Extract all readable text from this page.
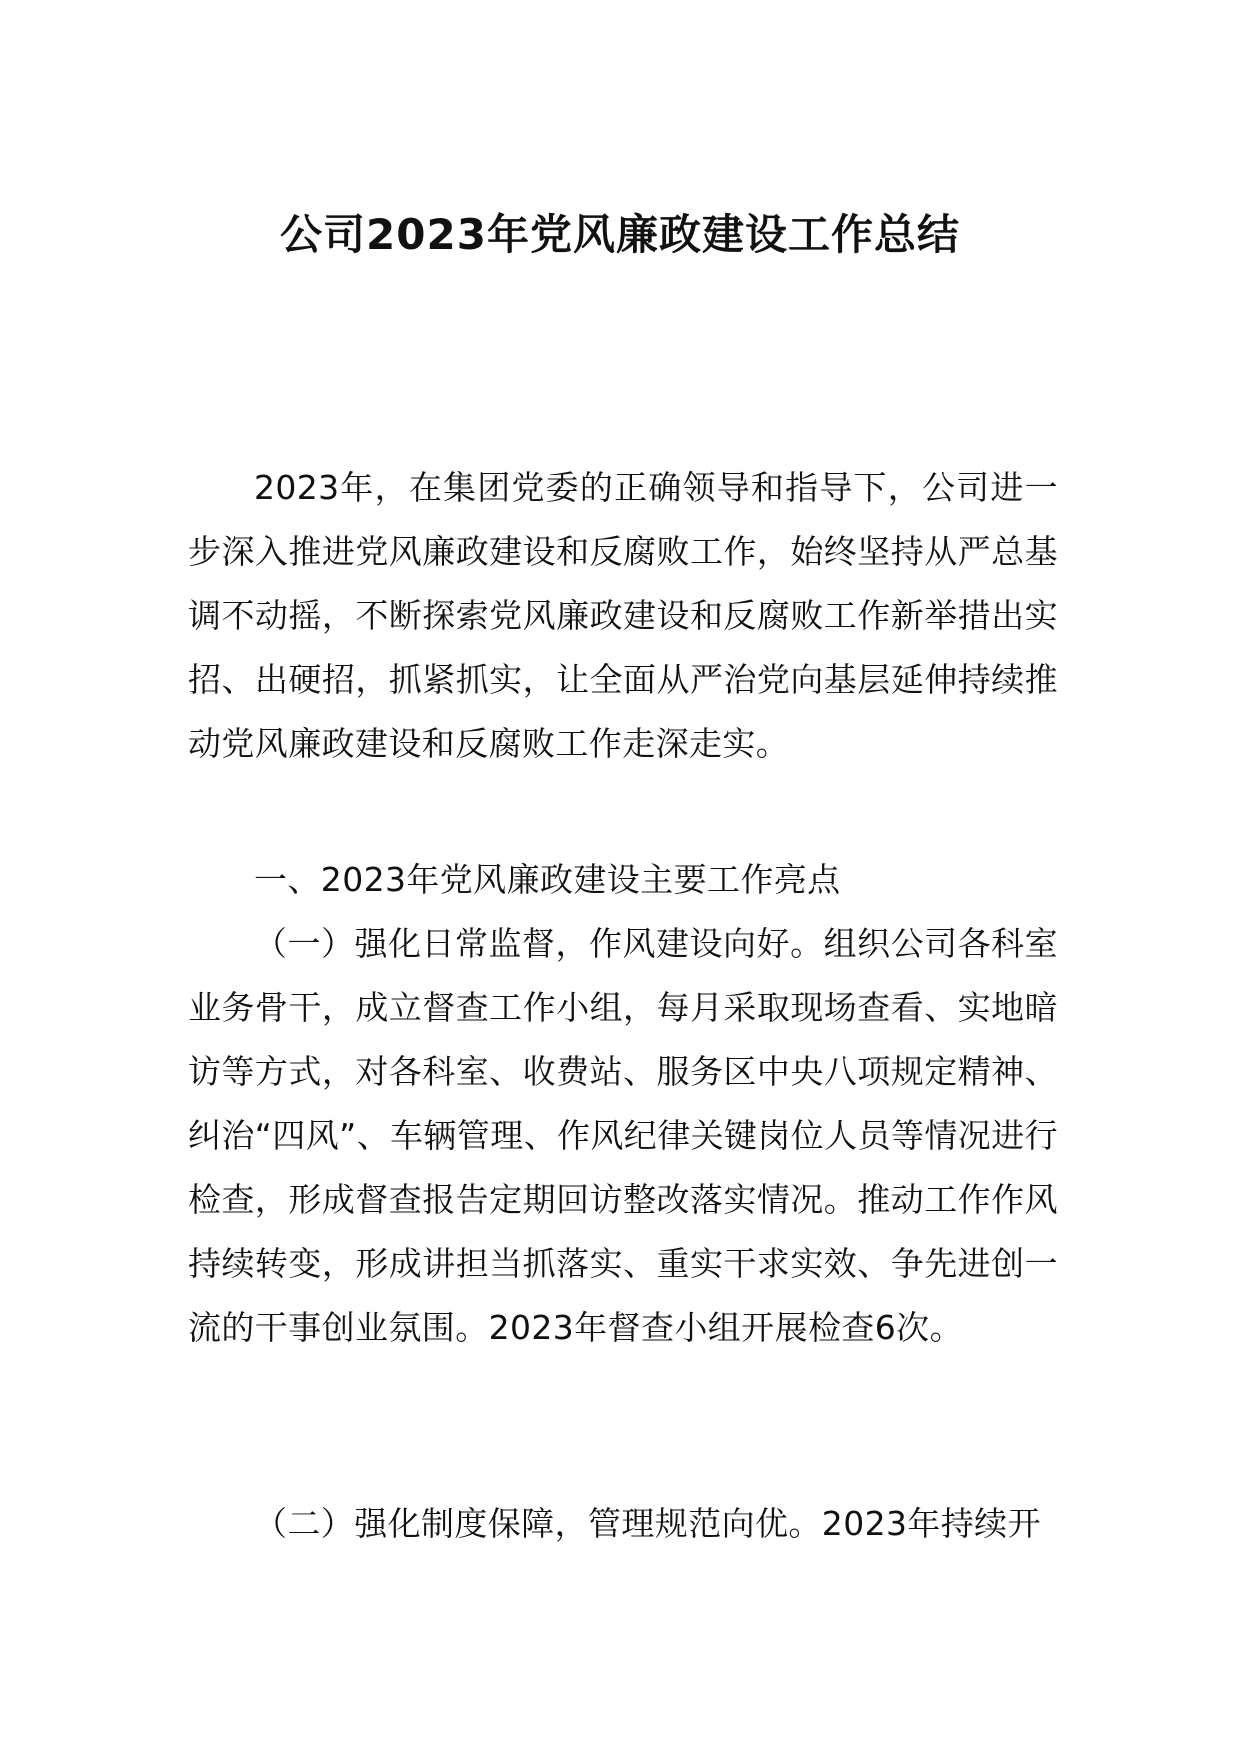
公司2023年党风廉政建设工作总结

2023年，在集团党委的正确领导和指导下，公司进一步深入推进党风廉政建设和反腐败工作，始终坚持从严总基调不动摇，不断探索党风廉政建设和反腐败工作新举措出实招、出硬招，抓紧抓实，让全面从严治党向基层延伸持续推动党风廉政建设和反腐败工作走深走实。

一、2023年党风廉政建设主要工作亮点

（一）强化日常监督，作风建设向好。组织公司各科室业务骨干，成立督查工作小组，每月采取现场查看、实地暗访等方式，对各科室、收费站、服务区中央八项规定精神、纠治“四风”、车辆管理、作风纪律关键岗位人员等情况进行检查，形成督查报告定期回访整改落实情况。推动工作作风持续转变，形成讲担当抓落实、重实干求实效、争先进创一流的干事创业氛围。2023年督查小组开展检查6次。

（二）强化制度保障，管理规范向优。2023年持续开
